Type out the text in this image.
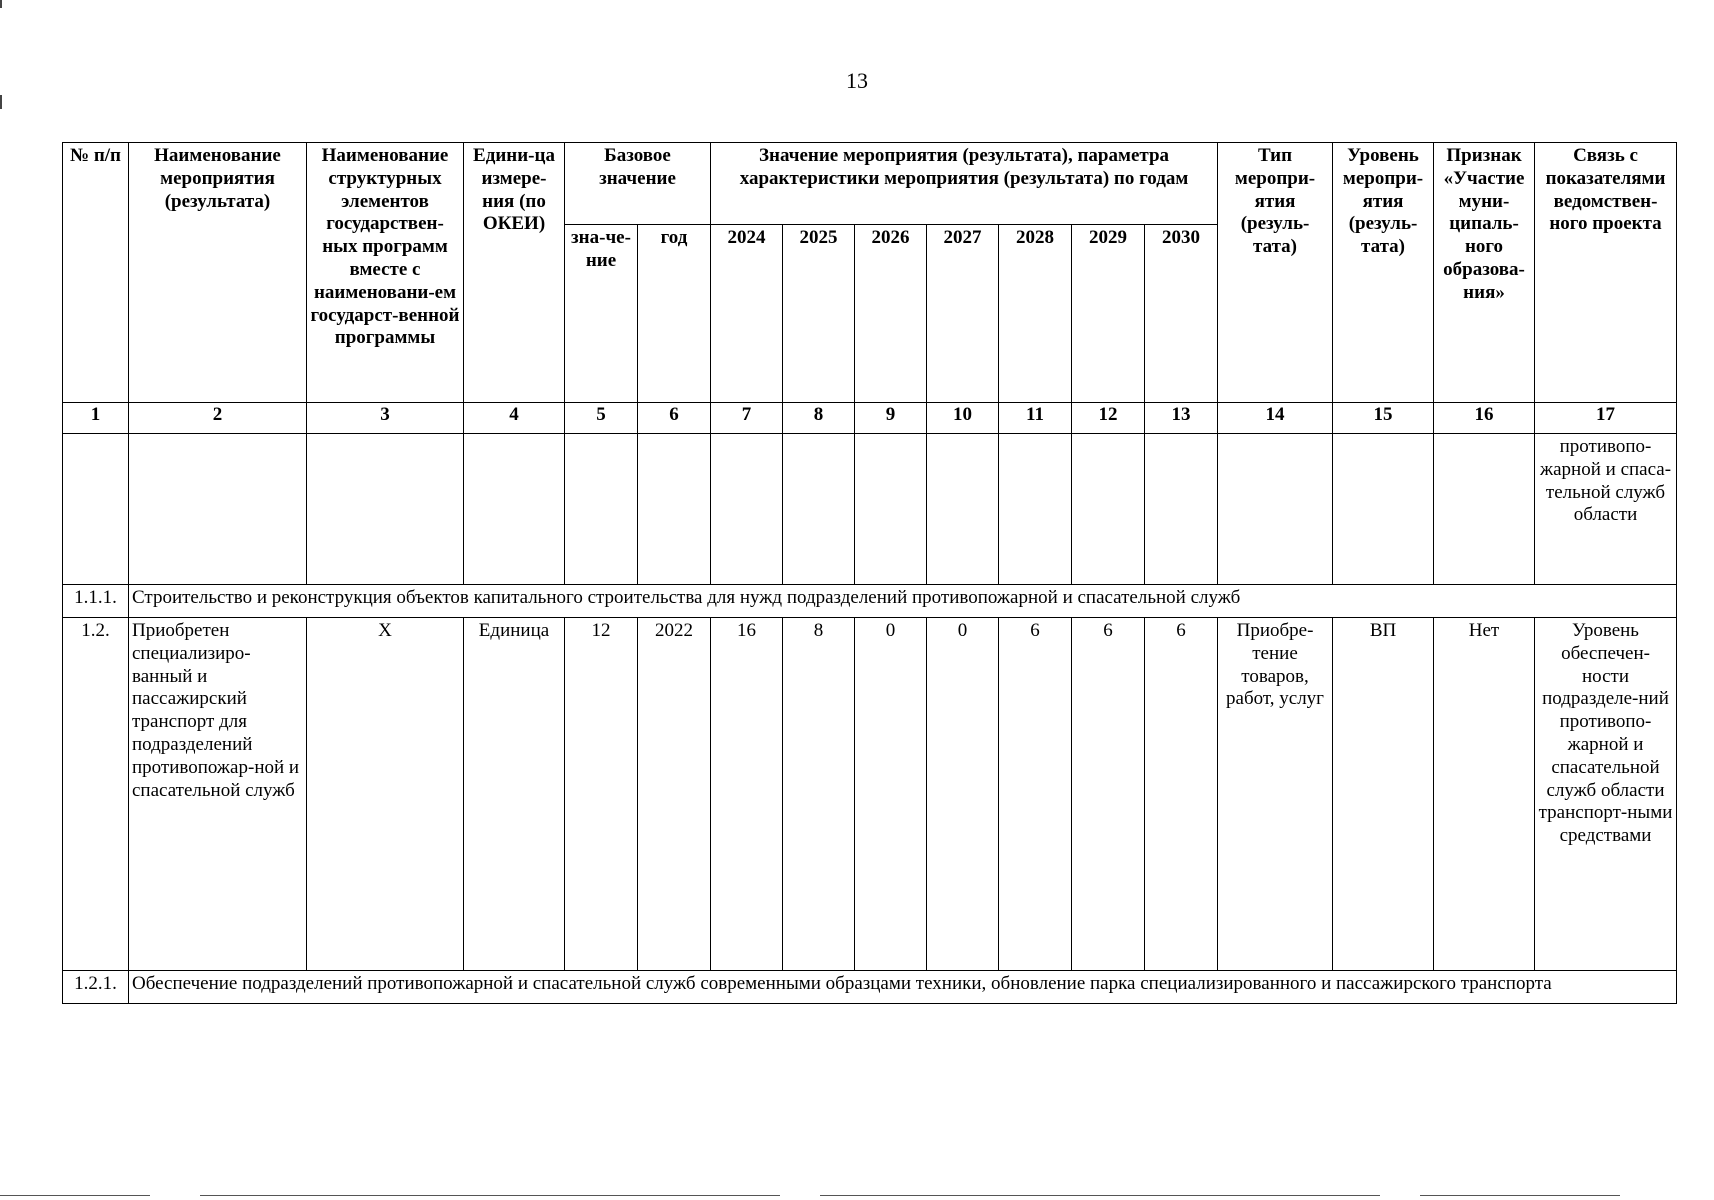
13
№ п/п	Наименование мероприятия (результата)	Наименование структурных элементов государствен-ных программ вместе с наименовани-ем государст-венной программы	Едини-ца измере-ния (по ОКЕИ)	Базовое значение		Значение мероприятия (результата), параметра характеристики мероприятия (результата) по годам							Тип меропри-ятия (резуль-тата)	Уровень меропри-ятия (резуль-тата)	Признак «Участие муни-ципаль-ного образова-ния»	Связь с показателями ведомствен-ного проекта
				зна-че-ние	год	2024	2025	2026	2027	2028	2029	2030				
1	2	3	4	5	6	7	8	9	10	11	12	13	14	15	16	17
																противопо-жарной и спаса-тельной служб области
1.1.1.	Строительство и реконструкция объектов капитального строительства для нужд подразделений противопожарной и спасательной служб															
1.2.	Приобретен специализиро-ванный и пассажирский транспорт для подразделений противопожар-ной и спасательной служб	Х	Единица	12	2022	16	8	0	0	6	6	6	Приобре-тение товаров, работ, услуг	ВП	Нет	Уровень обеспечен-ности подразделе-ний противопо-жарной и спасательной служб области транспорт-ными средствами
1.2.1.	Обеспечение подразделений противопожарной и спасательной служб современными образцами техники, обновление парка специализированного и пассажирского транспорта															
